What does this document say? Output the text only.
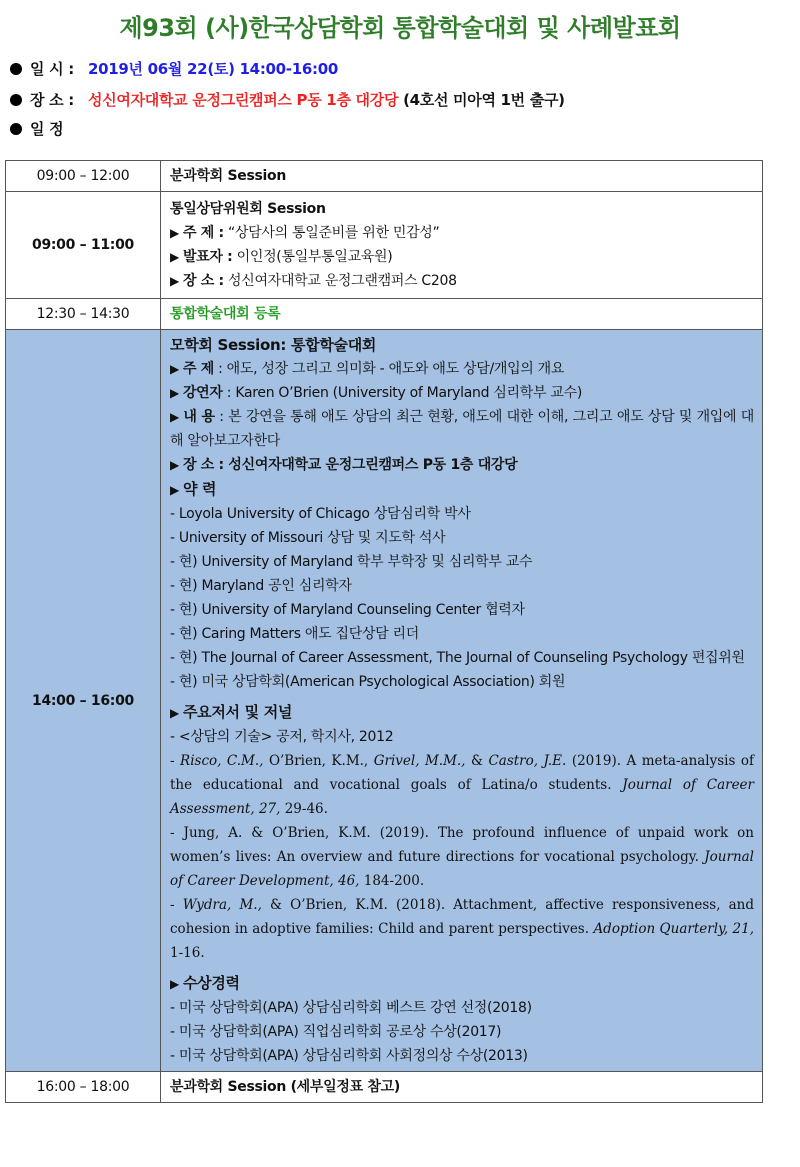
제93회 (사)한국상담학회 통합학술대회 및 사례발표회
일 시 : 2019년 06월 22(토) 14:00-16:00
장 소 : 성신여자대학교 운정그린캠퍼스 P동 1층 대강당 (4호선 미아역 1번 출구)
일 정
09:00 – 12:00	분과학회 Session
09:00 – 11:00	통일상담위원회 Session
▶ 주 제 : “상담사의 통일준비를 위한 민감성”
▶ 발표자 : 이인정(통일부통일교육원)
▶ 장 소 : 성신여자대학교 운정그랜캠퍼스 C208

12:30 – 14:30	통합학술대회 등록
14:00 – 16:00	
모학회 Session: 통합학술대회
▶ 주 제 : 애도, 성장 그리고 의미화 - 애도와 애도 상담/개입의 개요
▶ 강연자 : Karen O’Brien (University of Maryland 심리학부 교수)
▶ 내 용 : 본 강연을 통해 애도 상담의 최근 현황, 애도에 대한 이해, 그리고 애도 상담 및 개입에 대해 알아보고자한다
▶ 장 소 : 성신여자대학교 운정그린캠퍼스 P동 1층 대강당
▶ 약 력
- Loyola University of Chicago 상담심리학 박사
- University of Missouri 상담 및 지도학 석사
- 현) University of Maryland 학부 부학장 및 심리학부 교수
- 현) Maryland 공인 심리학자
- 현) University of Maryland Counseling Center 협력자
- 현) Caring Matters 애도 집단상담 리더
- 현) The Journal of Career Assessment, The Journal of Counseling Psychology 편집위원
- 현) 미국 상담학회(American Psychological Association) 회원
▶ 주요저서 및 저널
- <상담의 기술> 공저, 학지사, 2012
- Risco, C.M., O’Brien, K.M., Grivel, M.M., & Castro, J.E. (2019). A meta-analysis of the educational and vocational goals of Latina/o students. Journal of Career Assessment, 27, 29-46.
- Jung, A. & O’Brien, K.M. (2019). The profound influence of unpaid work on women’s lives: An overview and future directions for vocational psychology. Journal of Career Development, 46, 184-200.
- Wydra, M., & O’Brien, K.M. (2018). Attachment, affective responsiveness, and cohesion in adoptive families: Child and parent perspectives. Adoption Quarterly, 21, 1-16.
▶ 수상경력
- 미국 상담학회(APA) 상담심리학회 베스트 강연 선정(2018)
- 미국 상담학회(APA) 직업심리학회 공로상 수상(2017)
- 미국 상담학회(APA) 상담심리학회 사회정의상 수상(2013)

16:00 – 18:00	분과학회 Session (세부일정표 참고)
